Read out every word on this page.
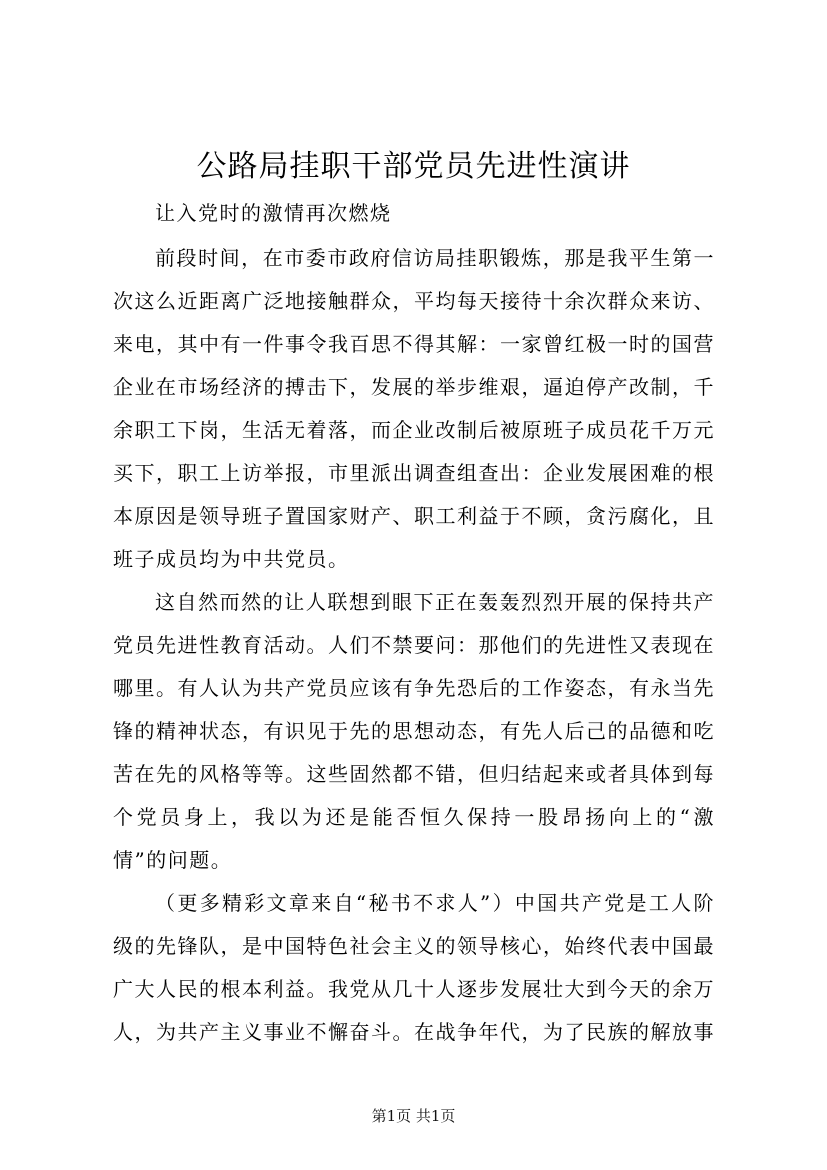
公路局挂职干部党员先进性演讲

让入党时的激情再次燃烧

前段时间，在市委市政府信访局挂职锻炼，那是我平生第一次这么近距离广泛地接触群众，平均每天接待十余次群众来访、来电，其中有一件事令我百思不得其解：一家曾红极一时的国营企业在市场经济的搏击下，发展的举步维艰，逼迫停产改制，千余职工下岗，生活无着落，而企业改制后被原班子成员花千万元买下，职工上访举报，市里派出调查组查出：企业发展困难的根本原因是领导班子置国家财产、职工利益于不顾，贪污腐化，且班子成员均为中共党员。

这自然而然的让人联想到眼下正在轰轰烈烈开展的保持共产党员先进性教育活动。人们不禁要问：那他们的先进性又表现在哪里。有人认为共产党员应该有争先恐后的工作姿态，有永当先锋的精神状态，有识见于先的思想动态，有先人后己的品德和吃苦在先的风格等等。这些固然都不错，但归结起来或者具体到每个党员身上，我以为还是能否恒久保持一股昂扬向上的“激情”的问题。

（更多精彩文章来自“秘书不求人”）中国共产党是工人阶级的先锋队，是中国特色社会主义的领导核心，始终代表中国最广大人民的根本利益。我党从几十人逐步发展壮大到今天的余万人，为共产主义事业不懈奋斗。在战争年代，为了民族的解放事

第1页 共1页
